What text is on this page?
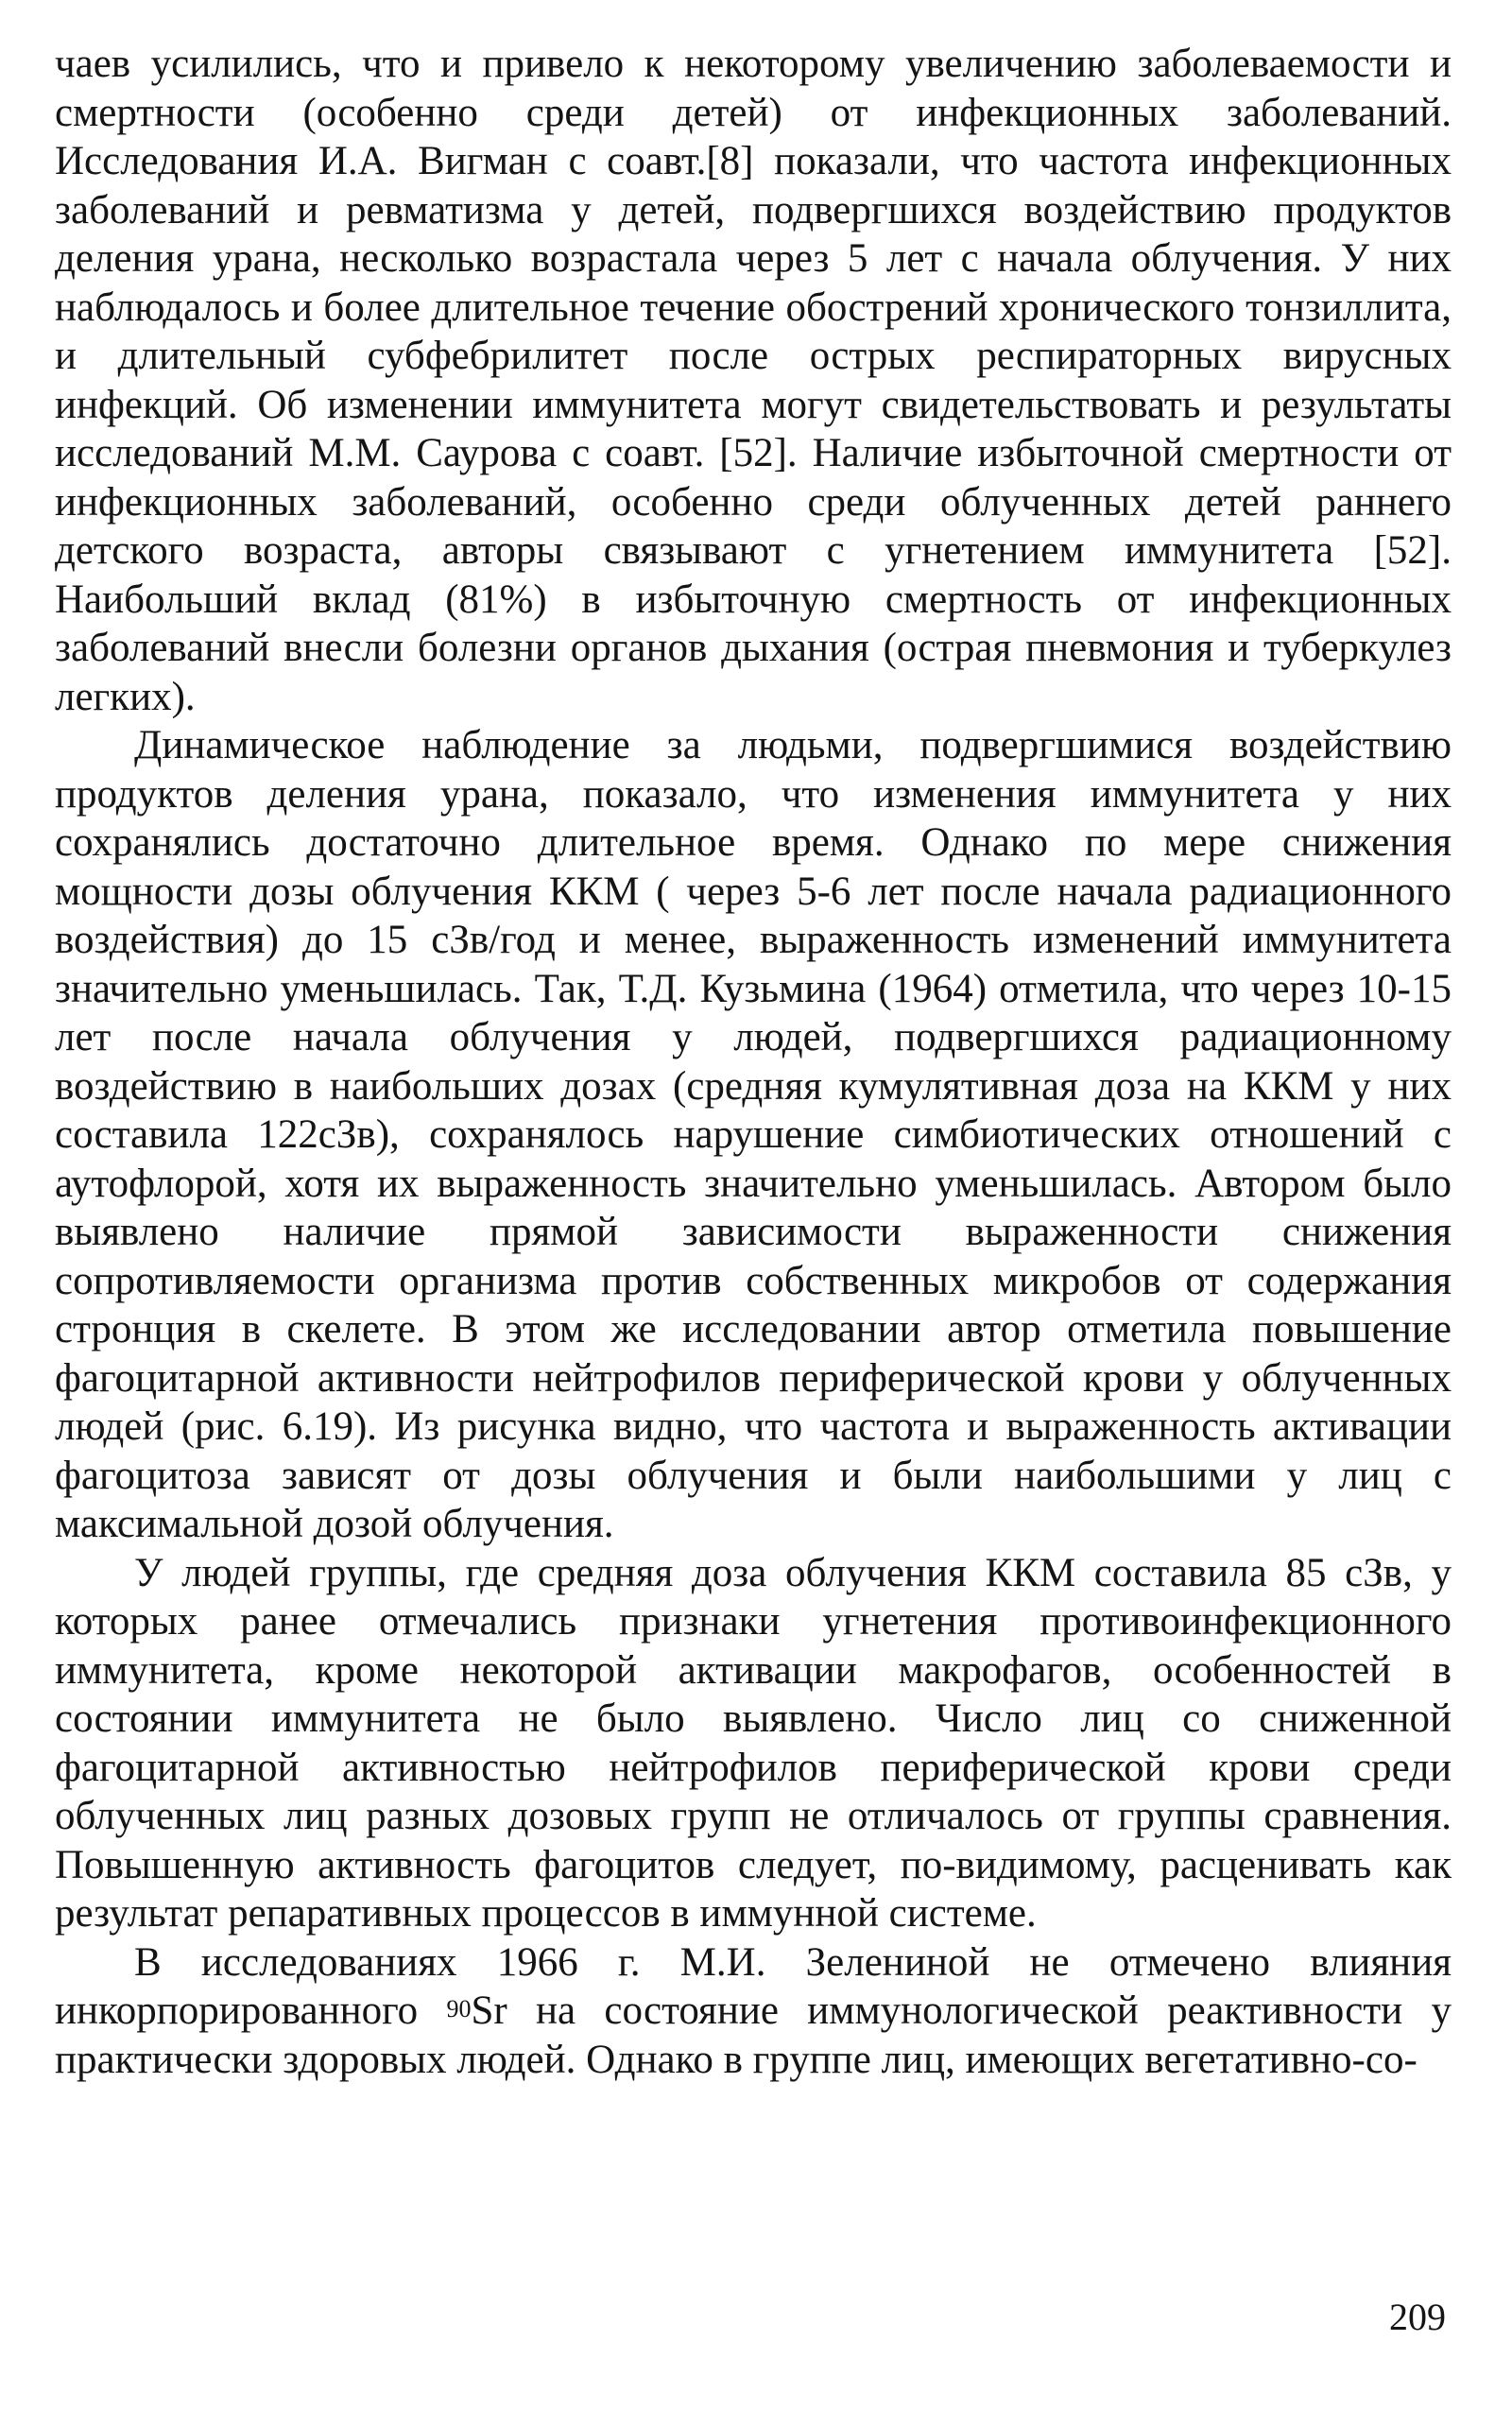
чаев усилились, что и привело к некоторому увеличению заболеваемости и смертности (особенно среди детей) от инфекционных заболеваний. Исследования И.А. Вигман с соавт.[8] показали, что частота инфекционных заболеваний и ревматизма у детей, подвергшихся воздействию продуктов деления урана, несколько возрастала через 5 лет с начала облучения. У них наблюдалось и более длительное течение обострений хронического тонзиллита, и длительный субфебрилитет после острых респираторных вирусных инфекций. Об изменении иммунитета могут свидетельствовать и результаты исследований М.М. Саурова с соавт. [52]. Наличие избыточной смертности от инфекционных заболеваний, особенно среди облученных детей раннего детского возраста, авторы связывают с угнетением иммунитета [52]. Наибольший вклад (81%) в избыточную смертность от инфекционных заболеваний внесли болезни органов дыхания (острая пневмония и туберкулез легких).

Динамическое наблюдение за людьми, подвергшимися воздействию продуктов деления урана, показало, что изменения иммунитета у них сохранялись достаточно длительное время. Однако по мере снижения мощности дозы облучения ККМ ( через 5-6 лет после начала радиационного воздействия) до 15 сЗв/год и менее, выраженность изменений иммунитета значительно уменьшилась. Так, Т.Д. Кузьмина (1964) отметила, что через 10-15 лет после начала облучения у людей, подвергшихся радиационному воздействию в наибольших дозах (средняя кумулятивная доза на ККМ у них составила 122сЗв), сохранялось нарушение симбиотических отношений с аутофлорой, хотя их выраженность значительно уменьшилась. Автором было выявлено наличие прямой зависимости выраженности снижения сопротивляемости организма против собственных микробов от содержания стронция в скелете. В этом же исследовании автор отметила повышение фагоцитарной активности нейтрофилов периферической крови у облученных людей (рис. 6.19). Из рисунка видно, что частота и выраженность активации фагоцитоза зависят от дозы облучения и были наибольшими у лиц с максимальной дозой облучения.

У людей группы, где средняя доза облучения ККМ составила 85 сЗв, у которых ранее отмечались признаки угнетения противоинфекционного иммунитета, кроме некоторой активации макрофагов, особенностей в состоянии иммунитета не было выявлено. Число лиц со сниженной фагоцитарной активностью нейтрофилов периферической крови среди облученных лиц разных дозовых групп не отличалось от группы сравнения. Повышенную активность фагоцитов следует, по-видимому, расценивать как результат репаративных процессов в иммунной системе.

В исследованиях 1966 г. М.И. Зелениной не отмечено влияния инкорпорированного $^{90}$Sr на состояние иммунологической реактивности у практически здоровых людей. Однако в группе лиц, имеющих вегетативно-со-

209
